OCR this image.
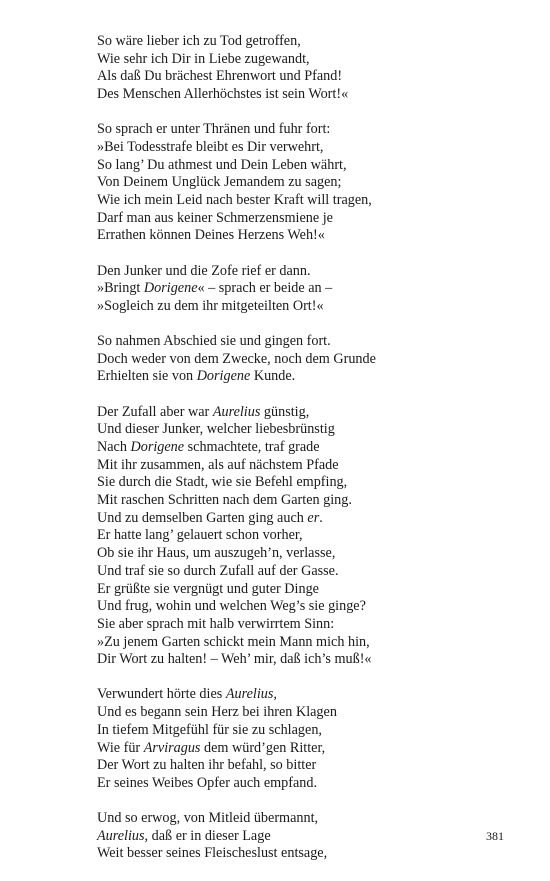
So wäre lieber ich zu Tod getroffen,
Wie sehr ich Dir in Liebe zugewandt,
Als daß Du brächest Ehrenwort und Pfand!
Des Menschen Allerhöchstes ist sein Wort!«
So sprach er unter Thränen und fuhr fort:
»Bei Todesstrafe bleibt es Dir verwehrt,
So lang’ Du athmest und Dein Leben währt,
Von Deinem Unglück Jemandem zu sagen;
Wie ich mein Leid nach bester Kraft will tragen,
Darf man aus keiner Schmerzensmiene je
Errathen können Deines Herzens Weh!«
Den Junker und die Zofe rief er dann.
»Bringt Dorigene« – sprach er beide an –
»Sogleich zu dem ihr mitgeteilten Ort!«
So nahmen Abschied sie und gingen fort.
Doch weder von dem Zwecke, noch dem Grunde
Erhielten sie von Dorigene Kunde.
Der Zufall aber war Aurelius günstig,
Und dieser Junker, welcher liebesbrünstig
Nach Dorigene schmachtete, traf grade
Mit ihr zusammen, als auf nächstem Pfade
Sie durch die Stadt, wie sie Befehl empfing,
Mit raschen Schritten nach dem Garten ging.
Und zu demselben Garten ging auch er.
Er hatte lang’ gelauert schon vorher,
Ob sie ihr Haus, um auszugeh’n, verlasse,
Und traf sie so durch Zufall auf der Gasse.
Er grüßte sie vergnügt und guter Dinge
Und frug, wohin und welchen Weg’s sie ginge?
Sie aber sprach mit halb verwirrtem Sinn:
»Zu jenem Garten schickt mein Mann mich hin,
Dir Wort zu halten! – Weh’ mir, daß ich’s muß!«
Verwundert hörte dies Aurelius,
Und es begann sein Herz bei ihren Klagen
In tiefem Mitgefühl für sie zu schlagen,
Wie für Arviragus dem würd’gen Ritter,
Der Wort zu halten ihr befahl, so bitter
Er seines Weibes Opfer auch empfand.
Und so erwog, von Mitleid übermannt,
Aurelius, daß er in dieser Lage
Weit besser seines Fleischeslust entsage,
381
